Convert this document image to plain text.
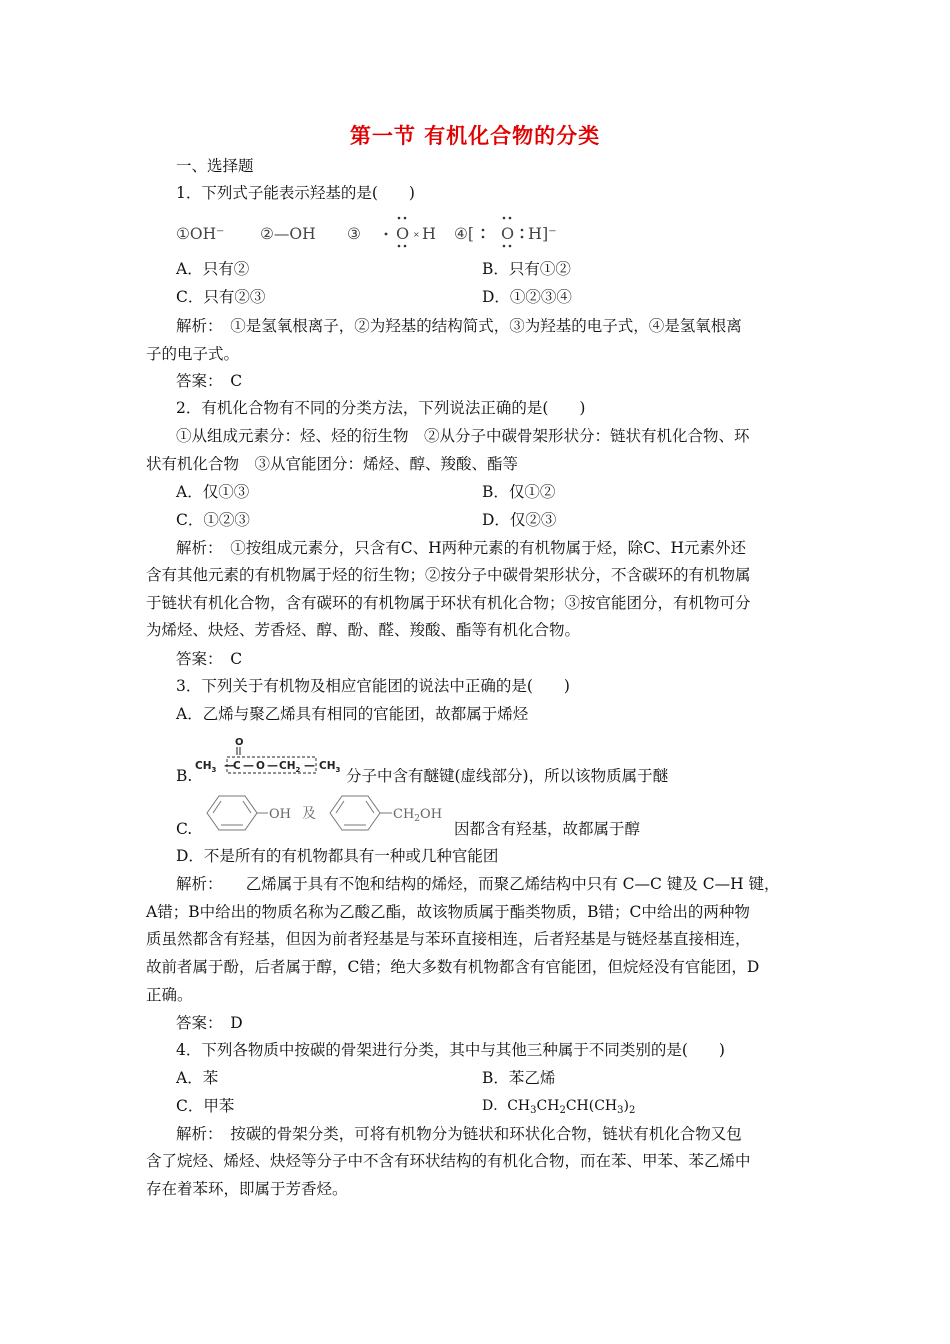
第一节 有机化合物的分类
一、选择题
1．下列式子能表示羟基的是(　　)
①OH⁻ ②—OH ③ O × H ④[ O H]⁻
A．只有②	B．只有①②
C．只有②③	D．①②③④
解析：　①是氢氧根离子，②为羟基的结构简式，③为羟基的电子式，④是氢氧根离
子的电子式。
答案：　C
2．有机化合物有不同的分类方法，下列说法正确的是(　　)
①从组成元素分：烃、烃的衍生物　②从分子中碳骨架形状分：链状有机化合物、环
状有机化合物　③从官能团分：烯烃、醇、羧酸、酯等
A．仅①③	B．仅①②
C．①②③	D．仅②③
解析：　①按组成元素分，只含有C、H两种元素的有机物属于烃，除C、H元素外还
含有其他元素的有机物属于烃的衍生物；②按分子中碳骨架形状分，不含碳环的有机物属
于链状有机化合物，含有碳环的有机物属于环状有机化合物；③按官能团分，有机物可分
为烯烃、炔烃、芳香烃、醇、酚、醛、羧酸、酯等有机化合物。
答案：　C
3．下列关于有机物及相应官能团的说法中正确的是(　　)
A．乙烯与聚乙烯具有相同的官能团，故都属于烯烃
B.
O
$CH_3$ —
C — O — $CH_2$ — $CH_3$ 分子中含有醚键(虚线部分)，所以该物质属于醚
C.
OH 及	$CH_2OH$
因都含有羟基，故都属于醇
D．不是所有的有机物都具有一种或几种官能团
解析：　　乙烯属于具有不饱和结构的烯烃，而聚乙烯结构中只有 C—C 键及 C—H 键，
A错；B中给出的物质名称为乙酸乙酯，故该物质属于酯类物质，B错；C中给出的两种物
质虽然都含有羟基，但因为前者羟基是与苯环直接相连，后者羟基是与链烃基直接相连，
故前者属于酚，后者属于醇，C错；绝大多数有机物都含有官能团，但烷烃没有官能团，D
正确。
答案：　D
4．下列各物质中按碳的骨架进行分类，其中与其他三种属于不同类别的是(　　)
A．苯	B．苯乙烯
C．甲苯	D．$CH_3CH_2CH(CH_3)_2$
解析：　按碳的骨架分类，可将有机物分为链状和环状化合物，链状有机化合物又包
含了烷烃、烯烃、炔烃等分子中不含有环状结构的有机化合物，而在苯、甲苯、苯乙烯中
存在着苯环，即属于芳香烃。
